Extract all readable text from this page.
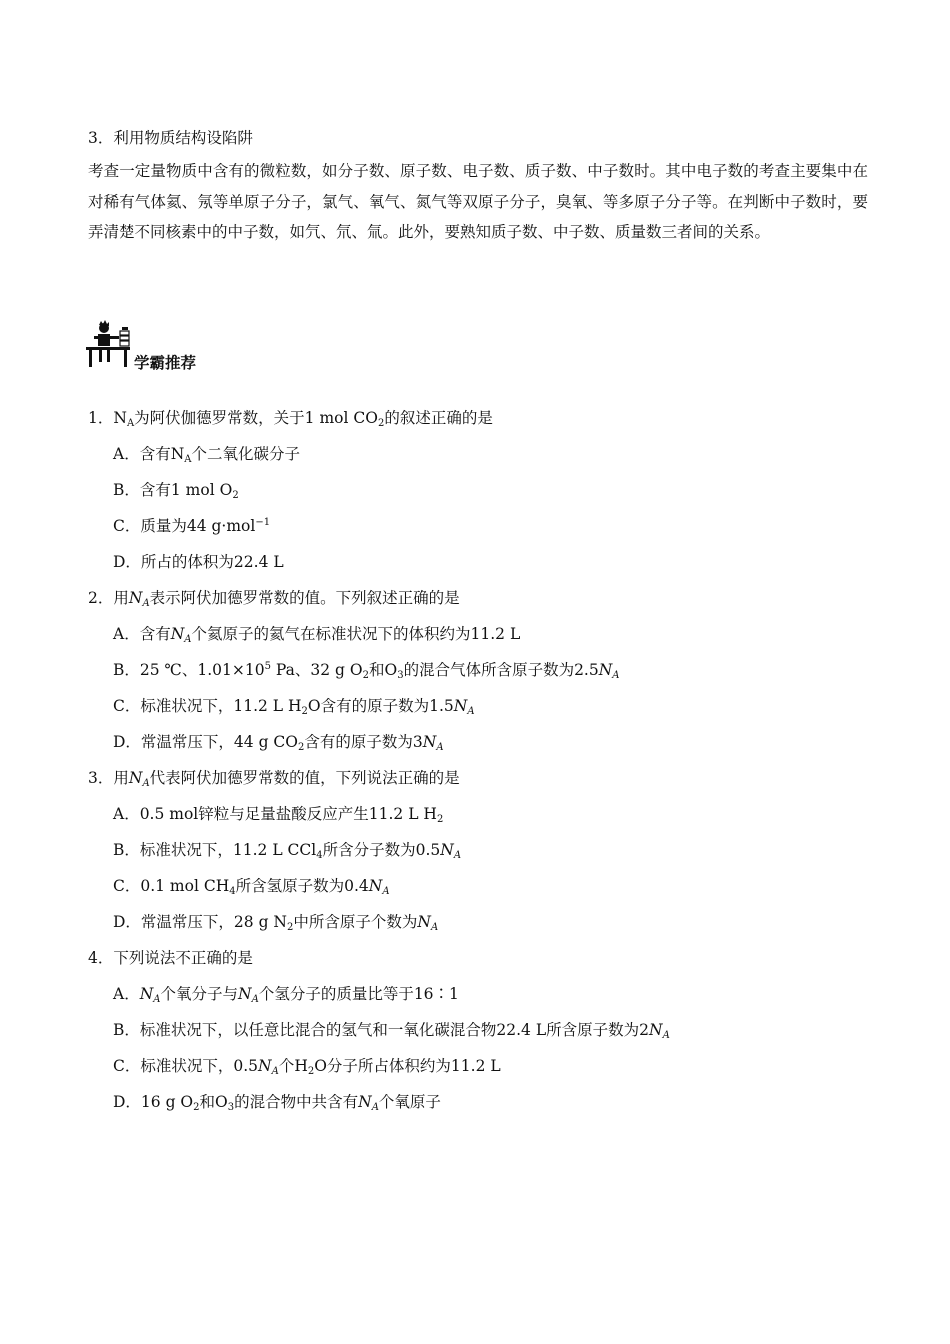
3．利用物质结构设陷阱
考查一定量物质中含有的微粒数，如分子数、原子数、电子数、质子数、中子数时。其中电子数的考查主要集中在对稀有气体氦、氖等单原子分子，氯气、氧气、氮气等双原子分子，臭氧、等多原子分子等。在判断中子数时，要弄清楚不同核素中的中子数，如氕、氘、氚。此外，要熟知质子数、中子数、质量数三者间的关系。
学霸推荐
1．$N_A$为阿伏伽德罗常数，关于1 mol $CO_2$的叙述正确的是
A．含有$N_A$个二氧化碳分子
B．含有1 mol $O_2$
C．质量为44 g·mol$^{-1}$
D．所占的体积为22.4 L
2．用$N_A$表示阿伏加德罗常数的值。下列叙述正确的是
A．含有$N_A$个氦原子的氦气在标准状况下的体积约为11.2 L
B．25 ℃、$1.01\times 10^5$ Pa、32 g $O_2$和$O_3$的混合气体所含原子数为$2.5N_A$
C．标准状况下，11.2 L $H_2O$含有的原子数为$1.5N_A$
D．常温常压下，44 g $CO_2$含有的原子数为$3N_A$
3．用$N_A$代表阿伏加德罗常数的值，下列说法正确的是
A．0.5 mol锌粒与足量盐酸反应产生11.2 L $H_2$
B．标准状况下，11.2 L CCl$_4$所含分子数为$0.5N_A$
C．0.1 mol $CH_4$所含氢原子数为$0.4N_A$
D．常温常压下，28 g $N_2$中所含原子个数为$N_A$
4．下列说法不正确的是
A．$N_A$个氧分子与$N_A$个氢分子的质量比等于16∶1
B．标准状况下，以任意比混合的氢气和一氧化碳混合物22.4 L所含原子数为$2N_A$
C．标准状况下，$0.5N_A$个$H_2O$分子所占体积约为11.2 L
D．16 g $O_2$和$O_3$的混合物中共含有$N_A$个氧原子
